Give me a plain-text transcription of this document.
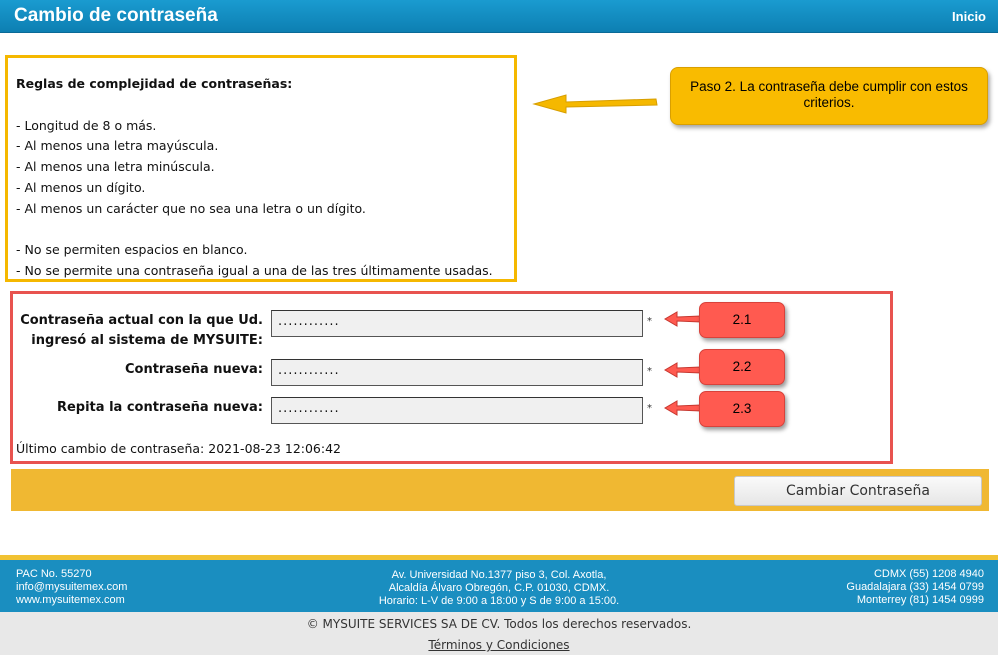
Cambio de contraseña	Inicio
Reglas de complejidad de contraseñas:
- Longitud de 8 o más.
- Al menos una letra mayúscula.
- Al menos una letra minúscula.
- Al menos un dígito.
- Al menos un carácter que no sea una letra o un dígito.
- No se permiten espacios en blanco.
- No se permite una contraseña igual a una de las tres últimamente usadas.
Paso 2. La contraseña debe cumplir con estos criterios.
Contraseña actual con la que Ud.
ingresó al sistema de MYSUITE:
............	*
Contraseña nueva:	............	*
Repita la contraseña nueva:	............	*
Último cambio de contraseña: 2021-08-23 12:06:42
2.1
2.2
2.3
Cambiar Contraseña
PAC No. 55270
info@mysuitemex.com
www.mysuitemex.com
Av. Universidad No.1377 piso 3, Col. Axotla,
Alcaldía Álvaro Obregón, C.P. 01030, CDMX.
Horario: L-V de 9:00 a 18:00 y S de 9:00 a 15:00.
CDMX (55) 1208 4940
Guadalajara (33) 1454 0799
Monterrey (81) 1454 0999
© MYSUITE SERVICES SA DE CV. Todos los derechos reservados.
Términos y Condiciones
